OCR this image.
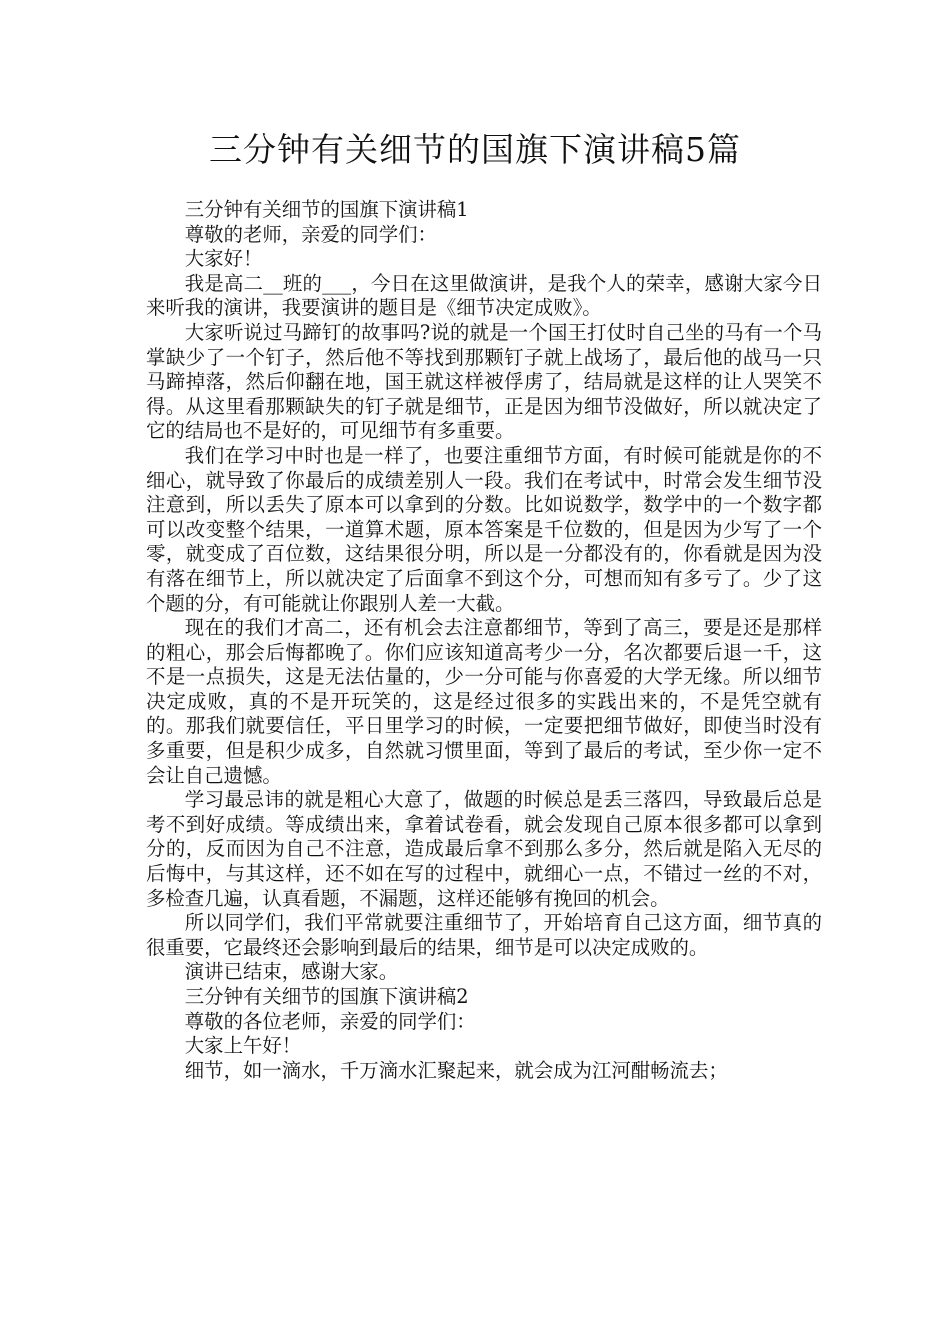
三分钟有关细节的国旗下演讲稿5篇

三分钟有关细节的国旗下演讲稿1

尊敬的老师，亲爱的同学们：

大家好！

我是高二__班的___，今日在这里做演讲，是我个人的荣幸，感谢大家今日来听我的演讲，我要演讲的题目是《细节决定成败》。

大家听说过马蹄钉的故事吗?说的就是一个国王打仗时自己坐的马有一个马掌缺少了一个钉子，然后他不等找到那颗钉子就上战场了，最后他的战马一只马蹄掉落，然后仰翻在地，国王就这样被俘虏了，结局就是这样的让人哭笑不得。从这里看那颗缺失的钉子就是细节，正是因为细节没做好，所以就决定了它的结局也不是好的，可见细节有多重要。

我们在学习中时也是一样了，也要注重细节方面，有时候可能就是你的不细心，就导致了你最后的成绩差别人一段。我们在考试中，时常会发生细节没注意到，所以丢失了原本可以拿到的分数。比如说数学，数学中的一个数字都可以改变整个结果，一道算术题，原本答案是千位数的，但是因为少写了一个零，就变成了百位数，这结果很分明，所以是一分都没有的，你看就是因为没有落在细节上，所以就决定了后面拿不到这个分，可想而知有多亏了。少了这个题的分，有可能就让你跟别人差一大截。

现在的我们才高二，还有机会去注意都细节，等到了高三，要是还是那样的粗心，那会后悔都晚了。你们应该知道高考少一分，名次都要后退一千，这不是一点损失，这是无法估量的，少一分可能与你喜爱的大学无缘。所以细节决定成败，真的不是开玩笑的，这是经过很多的实践出来的，不是凭空就有的。那我们就要信任，平日里学习的时候，一定要把细节做好，即使当时没有多重要，但是积少成多，自然就习惯里面，等到了最后的考试，至少你一定不会让自己遗憾。

学习最忌讳的就是粗心大意了，做题的时候总是丢三落四，导致最后总是考不到好成绩。等成绩出来，拿着试卷看，就会发现自己原本很多都可以拿到分的，反而因为自己不注意，造成最后拿不到那么多分，然后就是陷入无尽的后悔中，与其这样，还不如在写的过程中，就细心一点，不错过一丝的不对，多检查几遍，认真看题，不漏题，这样还能够有挽回的机会。

所以同学们，我们平常就要注重细节了，开始培育自己这方面，细节真的很重要，它最终还会影响到最后的结果，细节是可以决定成败的。

演讲已结束，感谢大家。

三分钟有关细节的国旗下演讲稿2

尊敬的各位老师，亲爱的同学们：

大家上午好！

细节，如一滴水，千万滴水汇聚起来，就会成为江河酣畅流去；
